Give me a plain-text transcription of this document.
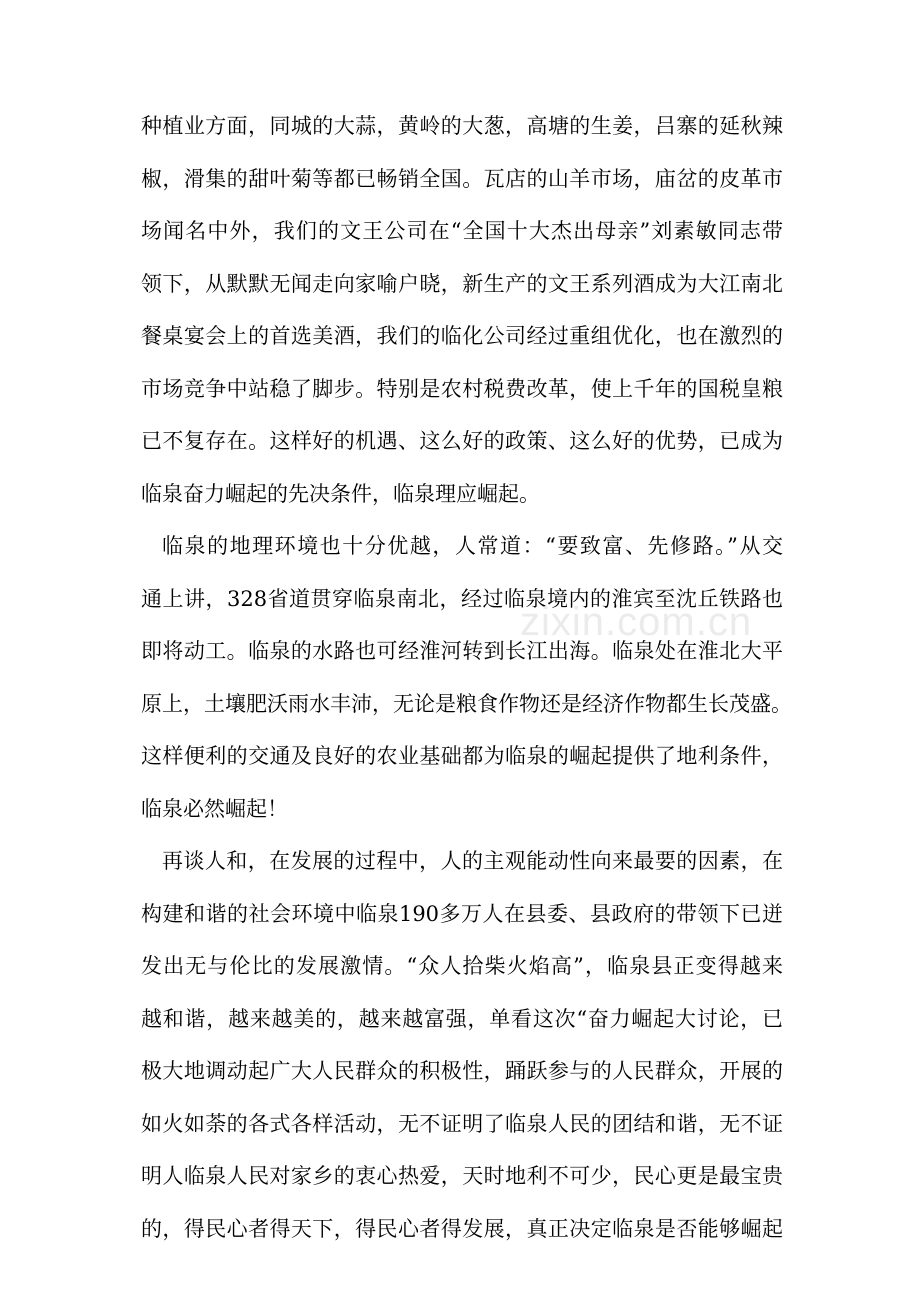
种植业方面，同城的大蒜，黄岭的大葱，高塘的生姜，吕寨的延秋辣
椒，滑集的甜叶菊等都已畅销全国。瓦店的山羊市场，庙岔的皮革市
场闻名中外，我们的文王公司在“全国十大杰出母亲”刘素敏同志带
领下，从默默无闻走向家喻户晓，新生产的文王系列酒成为大江南北
餐桌宴会上的首选美酒，我们的临化公司经过重组优化，也在激烈的
市场竞争中站稳了脚步。特别是农村税费改革，使上千年的国税皇粮
已不复存在。这样好的机遇、这么好的政策、这么好的优势，已成为
临泉奋力崛起的先决条件，临泉理应崛起。
临泉的地理环境也十分优越，人常道：“要致富、先修路。”从交
通上讲，328省道贯穿临泉南北，经过临泉境内的淮宾至沈丘铁路也
即将动工。临泉的水路也可经淮河转到长江出海。临泉处在淮北大平
原上，土壤肥沃雨水丰沛，无论是粮食作物还是经济作物都生长茂盛。
这样便利的交通及良好的农业基础都为临泉的崛起提供了地利条件，
临泉必然崛起！
再谈人和，在发展的过程中，人的主观能动性向来最要的因素，在
构建和谐的社会环境中临泉190多万人在县委、县政府的带领下已迸
发出无与伦比的发展激情。“众人拾柴火焰高”，临泉县正变得越来
越和谐，越来越美的，越来越富强，单看这次“奋力崛起大讨论，已
极大地调动起广大人民群众的积极性，踊跃参与的人民群众，开展的
如火如荼的各式各样活动，无不证明了临泉人民的团结和谐，无不证
明人临泉人民对家乡的衷心热爱，天时地利不可少，民心更是最宝贵
的，得民心者得天下，得民心者得发展，真正决定临泉是否能够崛起
zixin.com.cn
